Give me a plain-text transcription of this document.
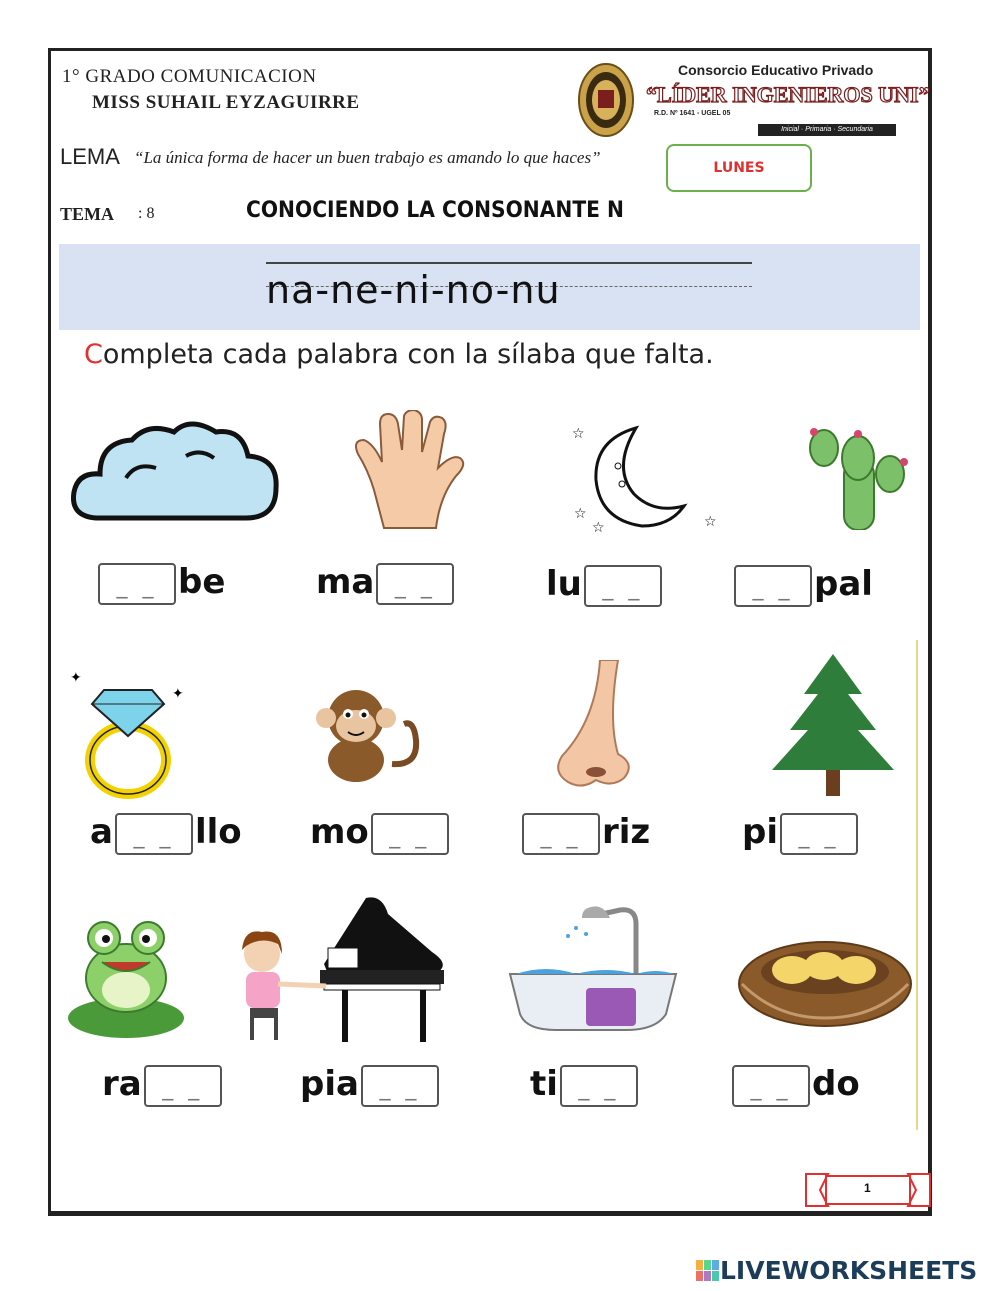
1° GRADO COMUNICACION
MISS SUHAIL EYZAGUIRRE
Consorcio Educativo Privado
“LÍDER INGENIEROS UNI”
R.D. Nº 1641 - UGEL 05
Inicial · Primaria · Secundaria
LEMA “La única forma de hacer un buen trabajo es amando lo que haces”
LUNES
TEMA : 8	CONOCIENDO LA CONSONANTE N
na-ne-ni-no-nu
Completa cada palabra con la sílaba que falta.
☆
☆
☆	☆
_ _ be	ma _ _	lu _ _	_ _ pal
✦
✦
a _ _ llo mo _ _	_ _ riz	pi _ _
ra _ _	pia _ _	ti _ _	_ _ do
1
LIVEWORKSHEETS
